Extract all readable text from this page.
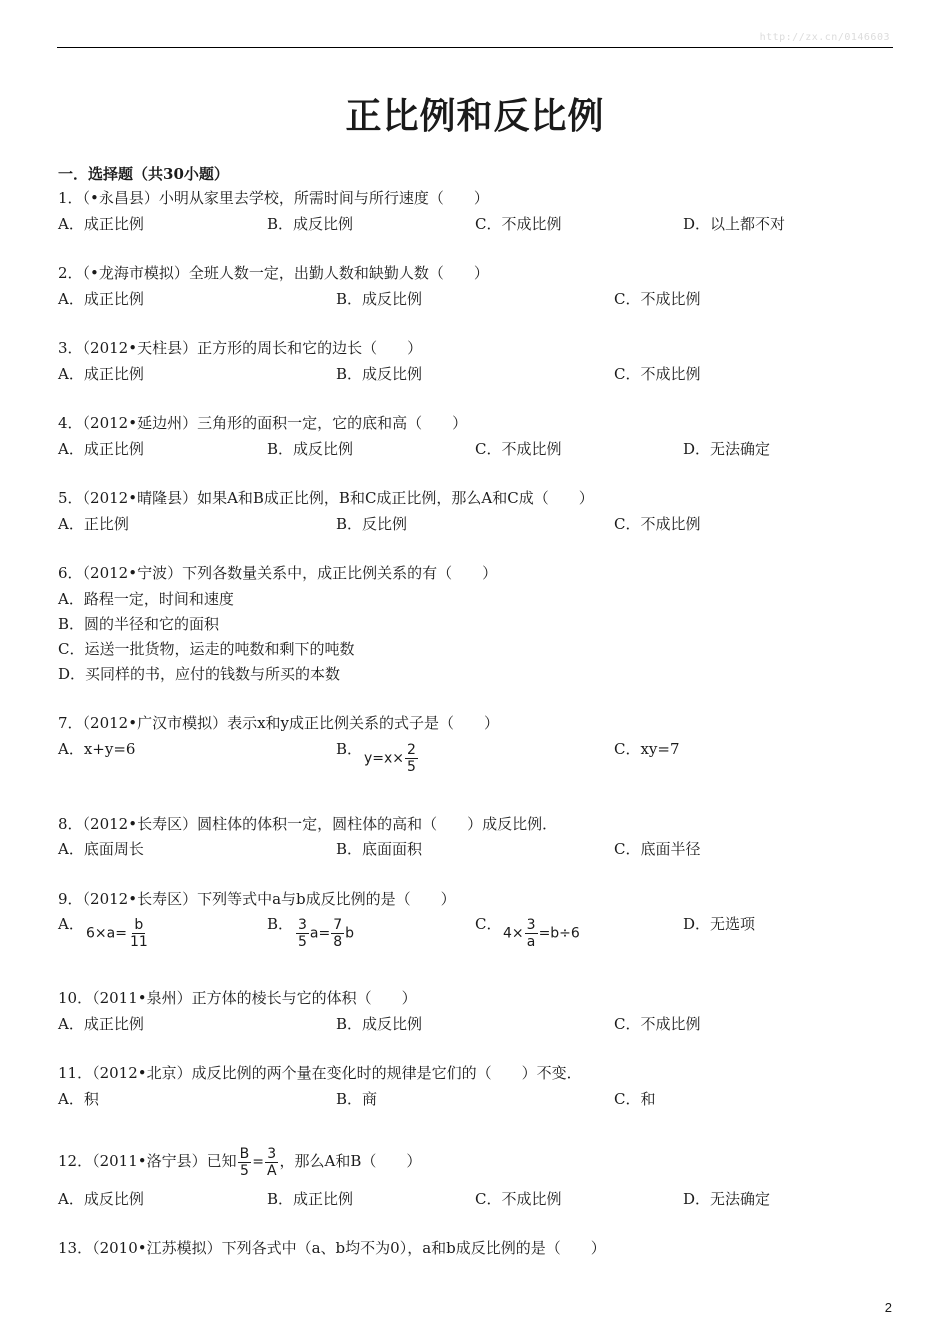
http://zx.cn/0146603
正比例和反比例
一．选择题（共30小题）
1．（•永昌县）小明从家里去学校，所需时间与所行速度（　　）
A．成正比例	B．成反比例	C．不成比例	D．以上都不对
2．（•龙海市模拟）全班人数一定，出勤人数和缺勤人数（　　）
A．成正比例	B．成反比例	C．不成比例
3．（2012•天柱县）正方形的周长和它的边长（　　）
A．成正比例	B．成反比例	C．不成比例
4．（2012•延边州）三角形的面积一定，它的底和高（　　）
A．成正比例	B．成反比例	C．不成比例	D．无法确定
5．（2012•晴隆县）如果A和B成正比例，B和C成正比例，那么A和C成（　　）
A．正比例	B．反比例	C．不成比例
6．（2012•宁波）下列各数量关系中，成正比例关系的有（　　）
A．路程一定，时间和速度
B．圆的半径和它的面积
C．运送一批货物，运走的吨数和剩下的吨数
D．买同样的书，应付的钱数与所买的本数
7．（2012•广汉市模拟）表示x和y成正比例关系的式子是（　　）
A．x+y=6	B．
$y=x\times \frac{2}{5}$	C．xy=7
8．（2012•长寿区）圆柱体的体积一定，圆柱体的高和（　　）成反比例．
A．底面周长	B．底面面积	C．底面半径
9．（2012•长寿区）下列等式中a与b成反比例的是（　　）
A．
$6\times a= \frac{b}{11}$	B． $\frac{3}{5} a= \frac{7}{8}$ b
C．
$4\times \frac{3}{a} =b\div 6$
D．无选项
10．（2011•泉州）正方体的棱长与它的体积（　　）
A．成正比例	B．成反比例	C．不成比例
11．（2012•北京）成反比例的两个量在变化时的规律是它们的（　　）不变．
A．积	B．商	C．和
12．（2011•洛宁县）已知 $\frac{B}{5} = \frac{3}{A}$ ，那么A和B（　　）
A．成反比例	B．成正比例	C．不成比例	D．无法确定
13．（2010•江苏模拟）下列各式中（a、b均不为0），a和b成反比例的是（　　）
2
